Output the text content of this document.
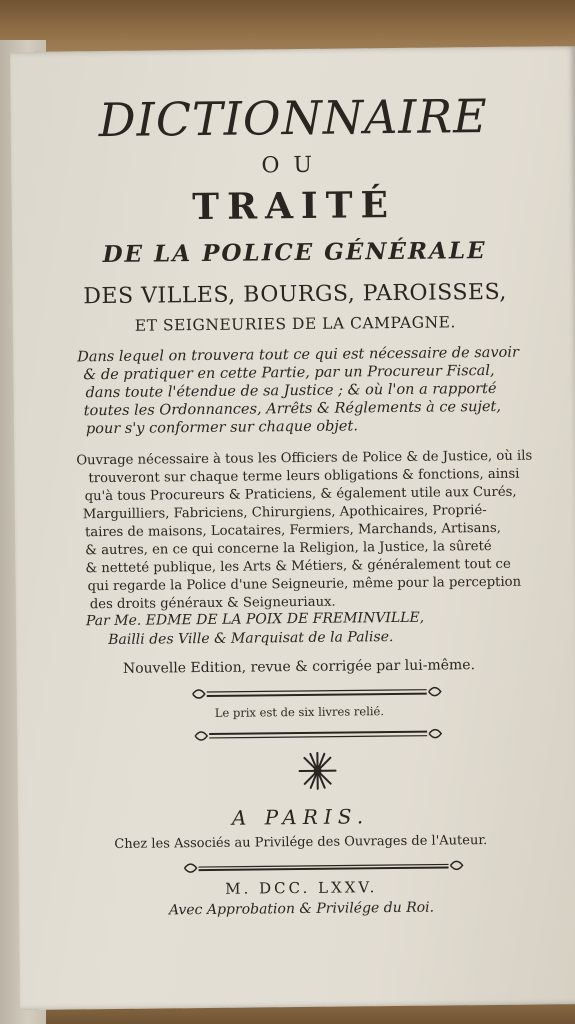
DICTIONNAIRE
OU
TRAITÉ
DE LA POLICE GÉNÉRALE
DES VILLES, BOURGS, PAROISSES,
ET SEIGNEURIES DE LA CAMPAGNE.
Dans lequel on trouvera tout ce qui est nécessaire de savoir
& de pratiquer en cette Partie, par un Procureur Fiscal,
dans toute l'étendue de sa Justice ; & où l'on a rapporté
toutes les Ordonnances, Arrêts & Réglements à ce sujet,
pour s'y conformer sur chaque objet.
Ouvrage nécessaire à tous les Officiers de Police & de Justice, où ils
trouveront sur chaque terme leurs obligations & fonctions, ainsi
qu'à tous Procureurs & Praticiens, & également utile aux Curés,
Marguilliers, Fabriciens, Chirurgiens, Apothicaires, Proprié-
taires de maisons, Locataires, Fermiers, Marchands, Artisans,
& autres, en ce qui concerne la Religion, la Justice, la sûreté
& netteté publique, les Arts & Métiers, & généralement tout ce
qui regarde la Police d'une Seigneurie, même pour la perception
des droits généraux & Seigneuriaux.
Par Me. EDME DE LA POIX DE FREMINVILLE,
Bailli des Ville & Marquisat de la Palise.
Nouvelle Edition, revue & corrigée par lui-même.
Le prix est de six livres relié.
A PARIS.
Chez les Associés au Privilége des Ouvrages de l'Auteur.
M. DCC. LXXV.
Avec Approbation & Privilége du Roi.
